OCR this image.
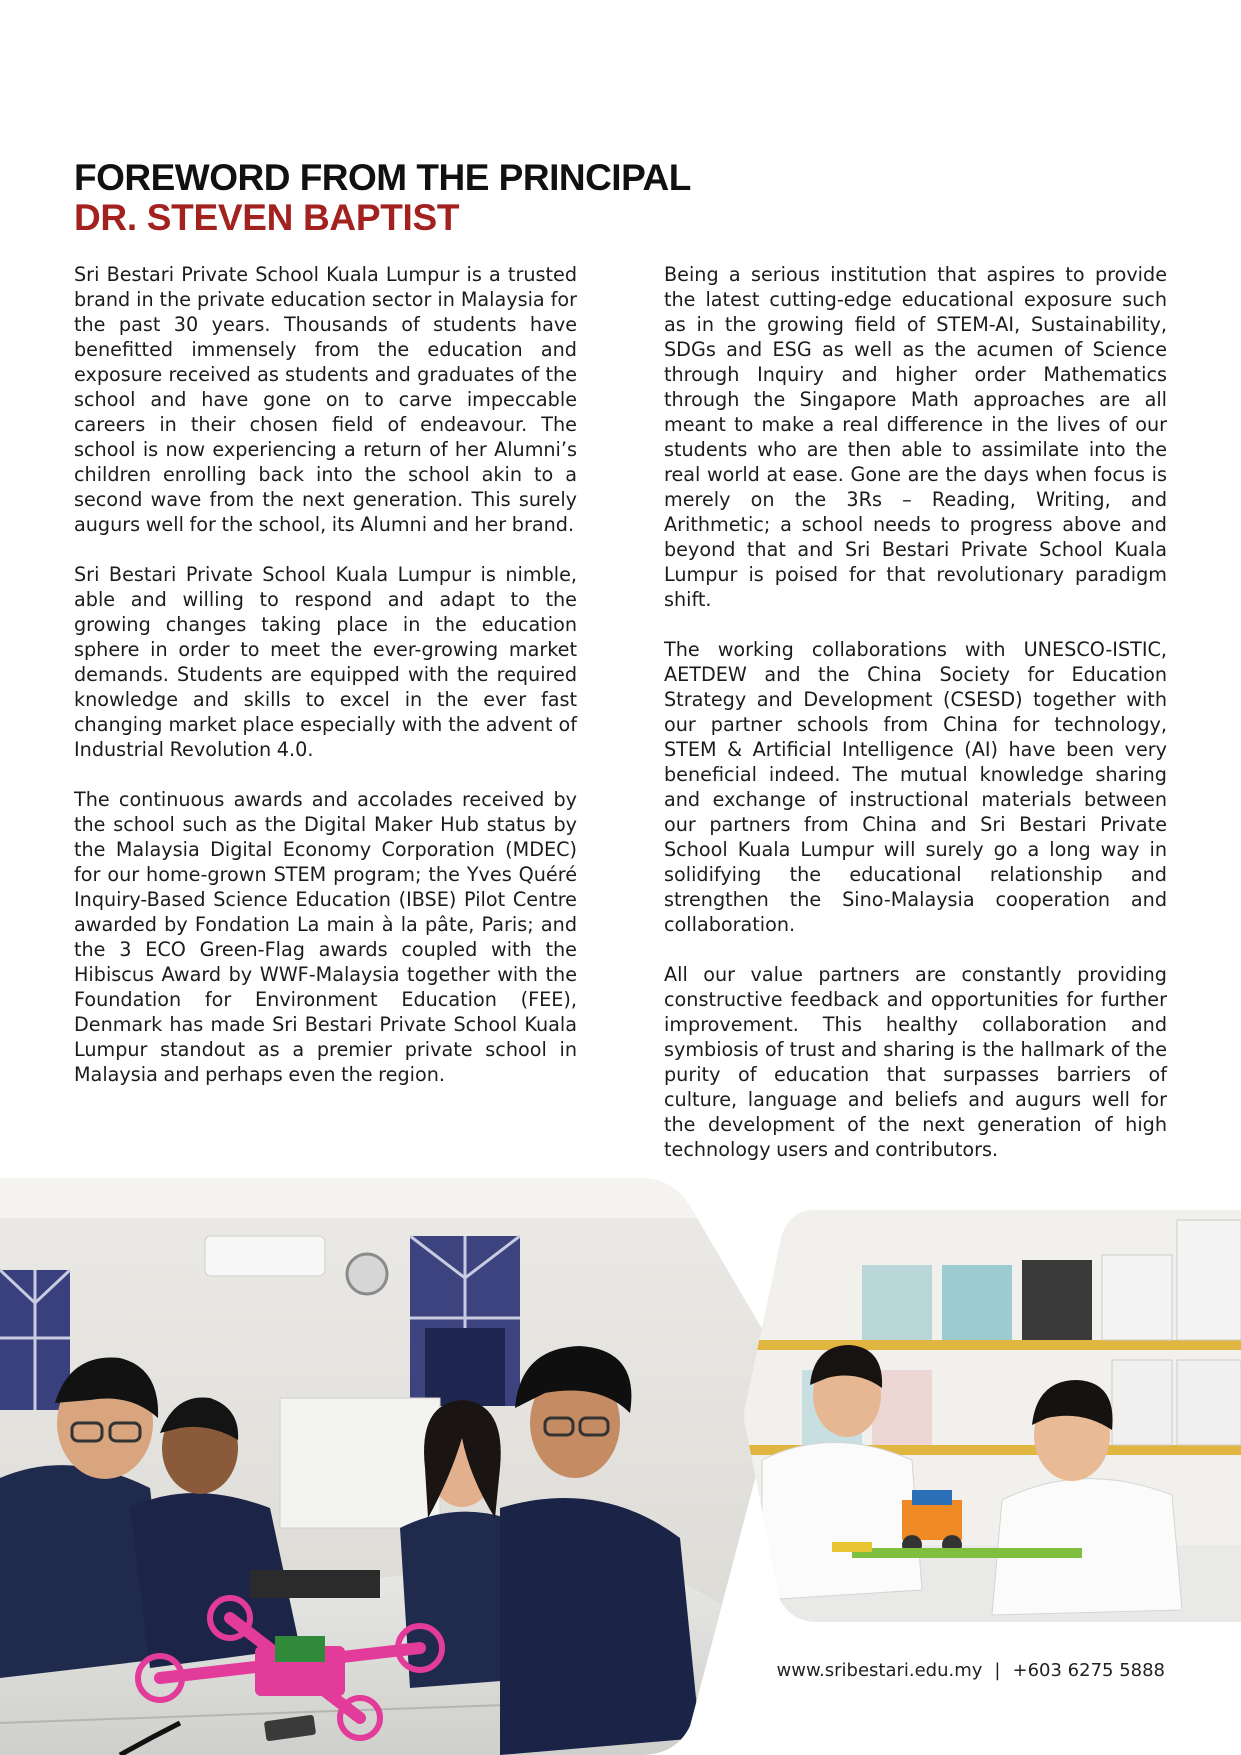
FOREWORD FROM THE PRINCIPAL
DR. STEVEN BAPTIST

Sri Bestari Private School Kuala Lumpur is a trusted brand in the private education sector in Malaysia for the past 30 years. Thousands of students have benefitted immensely from the education and exposure received as students and graduates of the school and have gone on to carve impeccable careers in their chosen field of endeavour. The school is now experiencing a return of her Alumni’s children enrolling back into the school akin to a second wave from the next generation. This surely augurs well for the school, its Alumni and her brand.

Sri Bestari Private School Kuala Lumpur is nimble, able and willing to respond and adapt to the growing changes taking place in the education sphere in order to meet the ever-growing market demands. Students are equipped with the required knowledge and skills to excel in the ever fast changing market place especially with the advent of Industrial Revolution 4.0.

The continuous awards and accolades received by the school such as the Digital Maker Hub status by the Malaysia Digital Economy Corporation (MDEC) for our home-grown STEM program; the Yves Quéré Inquiry-Based Science Education (IBSE) Pilot Centre awarded by Fondation La main à la pâte, Paris; and the 3 ECO Green-Flag awards coupled with the Hibiscus Award by WWF-Malaysia together with the Foundation for Environment Education (FEE), Denmark has made Sri Bestari Private School Kuala Lumpur standout as a premier private school in Malaysia and perhaps even the region.

Being a serious institution that aspires to provide the latest cutting-edge educational exposure such as in the growing field of STEM-AI, Sustainability, SDGs and ESG as well as the acumen of Science through Inquiry and higher order Mathematics through the Singapore Math approaches are all meant to make a real difference in the lives of our students who are then able to assimilate into the real world at ease. Gone are the days when focus is merely on the 3Rs – Reading, Writing, and Arithmetic; a school needs to progress above and beyond that and Sri Bestari Private School Kuala Lumpur is poised for that revolutionary paradigm shift.

The working collaborations with UNESCO-ISTIC, AETDEW and the China Society for Education Strategy and Development (CSESD) together with our partner schools from China for technology, STEM & Artificial Intelligence (AI) have been very beneficial indeed. The mutual knowledge sharing and exchange of instructional materials between our partners from China and Sri Bestari Private School Kuala Lumpur will surely go a long way in solidifying the educational relationship and strengthen the Sino-Malaysia cooperation and collaboration.

All our value partners are constantly providing constructive feedback and opportunities for further improvement. This healthy collaboration and symbiosis of trust and sharing is the hallmark of the purity of education that surpasses barriers of culture, language and beliefs and augurs well for the development of the next generation of high technology users and contributors.

www.sribestari.edu.my | +603 6275 5888
